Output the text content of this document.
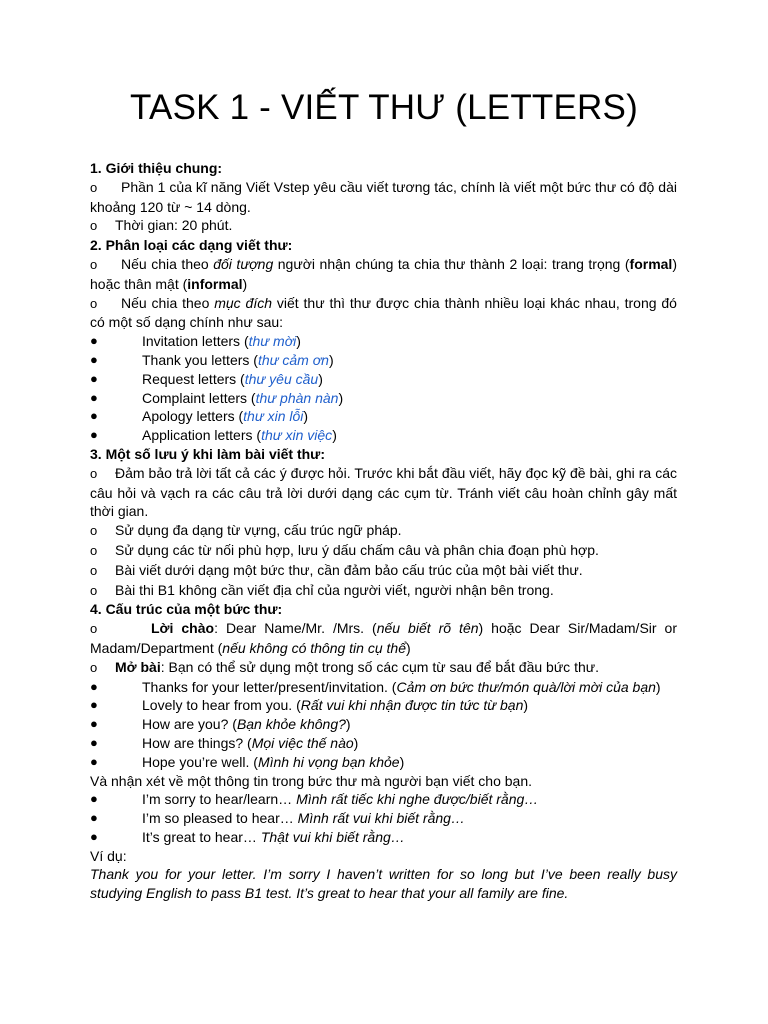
TASK 1 - VIẾT THƯ (LETTERS)

1. Giới thiệu chung:

o Phần 1 của kĩ năng Viết Vstep yêu cầu viết tương tác, chính là viết một bức thư có độ dài khoảng 120 từ ~ 14 dòng.

o Thời gian: 20 phút.

2. Phân loại các dạng viết thư:

o Nếu chia theo đối tượng người nhận chúng ta chia thư thành 2 loại: trang trọng (formal) hoặc thân mật (informal)

o Nếu chia theo mục đích viết thư thì thư được chia thành nhiều loại khác nhau, trong đó có một số dạng chính như sau:

●	Invitation letters (thư mời)

●	Thank you letters (thư cảm ơn)

●	Request letters (thư yêu cầu)

●	Complaint letters (thư phàn nàn)

●	Apology letters (thư xin lỗi)

●	Application letters (thư xin việc)

3. Một số lưu ý khi làm bài viết thư:

o Đảm bảo trả lời tất cả các ý được hỏi. Trước khi bắt đầu viết, hãy đọc kỹ đề bài, ghi ra các câu hỏi và vạch ra các câu trả lời dưới dạng các cụm từ. Tránh viết câu hoàn chỉnh gây mất thời gian.

o Sử dụng đa dạng từ vựng, cấu trúc ngữ pháp.

o Sử dụng các từ nối phù hợp, lưu ý dấu chấm câu và phân chia đoạn phù hợp.

o Bài viết dưới dạng một bức thư, cần đảm bảo cấu trúc của một bài viết thư.

o Bài thi B1 không cần viết địa chỉ của người viết, người nhận bên trong.

4. Cấu trúc của một bức thư:

o	Lời chào: Dear Name/Mr. /Mrs. (nếu biết rõ tên) hoặc Dear Sir/Madam/Sir or Madam/Department (nếu không có thông tin cụ thể)

o Mở bài: Bạn có thể sử dụng một trong số các cụm từ sau để bắt đầu bức thư.

●	Thanks for your letter/present/invitation. (Cảm ơn bức thư/món quà/lời mời của bạn)

●	Lovely to hear from you. (Rất vui khi nhận được tin tức từ bạn)

●	How are you? (Bạn khỏe không?)

●	How are things? (Mọi việc thế nào)

●	Hope you’re well. (Mình hi vọng bạn khỏe)

Và nhận xét về một thông tin trong bức thư mà người bạn viết cho bạn.

●	I’m sorry to hear/learn… Mình rất tiếc khi nghe được/biết rằng…

●	I’m so pleased to hear… Mình rất vui khi biết rằng…

●	It’s great to hear… Thật vui khi biết rằng…

Ví dụ:

Thank you for your letter. I’m sorry I haven’t written for so long but I’ve been really busy studying English to pass B1 test. It’s great to hear that your all family are fine.
